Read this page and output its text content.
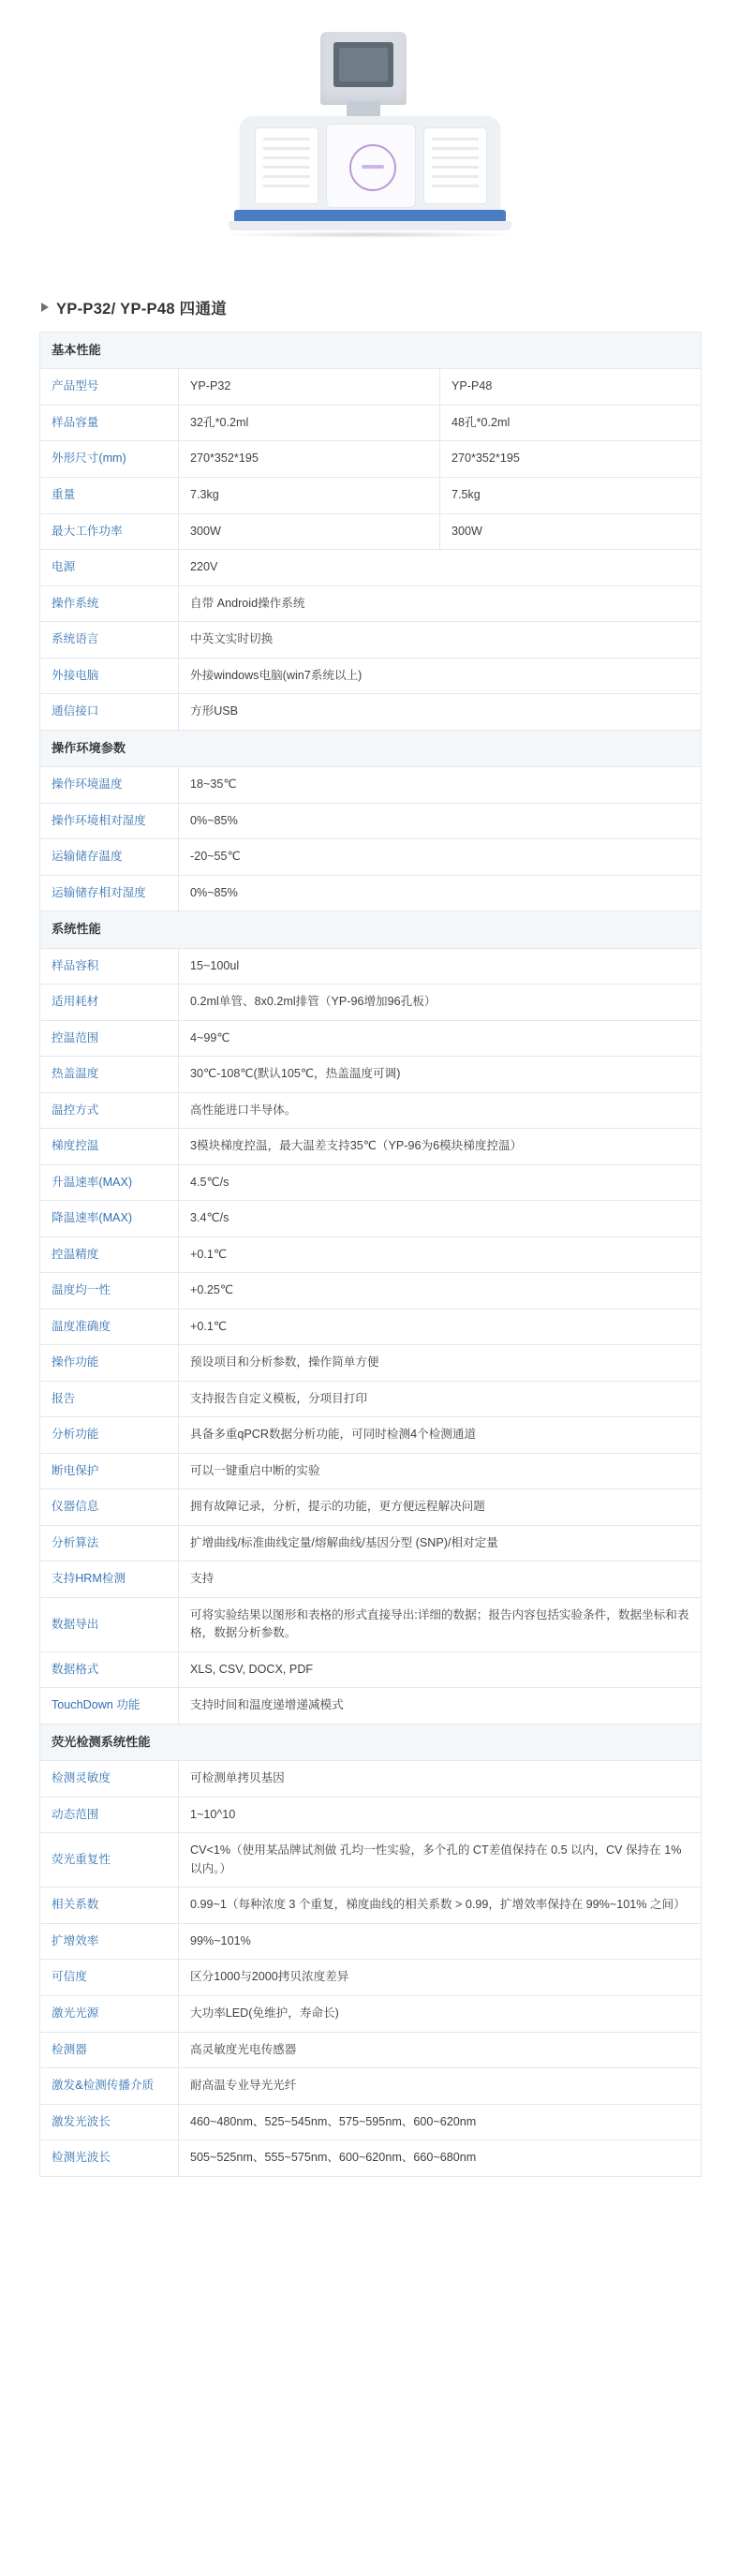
YP-P32/ YP-P48 四通道
基本性能		
产品型号	YP-P32	YP-P48
样品容量	32孔*0.2ml	48孔*0.2ml
外形尺寸(mm)	270*352*195	270*352*195
重量	7.3kg	7.5kg
最大工作功率	300W	300W
电源	220V	
操作系统	自带 Android操作系统	
系统语言	中英文实时切换	
外接电脑	外接windows电脑(win7系统以上)	
通信接口	方形USB	
操作环境参数		
操作环境温度	18~35℃	
操作环境相对湿度	0%~85%	
运输储存温度	-20~55℃	
运输储存相对湿度	0%~85%	
系统性能		
样品容积	15~100ul	
适用耗材	0.2ml单管、8x0.2ml排管（YP-96增加96孔板）	
控温范围	4~99℃	
热盖温度	30℃-108℃(默认105℃，热盖温度可调)	
温控方式	高性能进口半导体。	
梯度控温	3模块梯度控温，最大温差支持35℃（YP-96为6模块梯度控温）	
升温速率(MAX)	4.5℃/s	
降温速率(MAX)	3.4℃/s	
控温精度	+0.1℃	
温度均一性	+0.25℃	
温度准确度	+0.1℃	
操作功能	预设项目和分析参数，操作简单方便	
报告	支持报告自定义模板，分项目打印	
分析功能	具备多重qPCR数据分析功能，可同时检测4个检测通道	
断电保护	可以一键重启中断的实验	
仪器信息	拥有故障记录，分析，提示的功能，更方便远程解决问题	
分析算法	扩增曲线/标准曲线定量/熔解曲线/基因分型 (SNP)/相对定量	
支持HRM检测	支持	
数据导出	可将实验结果以图形和表格的形式直接导出:详细的数据；报告内容包括实验条件，数据坐标和表格，数据分析参数。	
数据格式	XLS, CSV, DOCX, PDF	
TouchDown 功能	支持时间和温度递增递减模式	
荧光检测系统性能		
检测灵敏度	可检测单拷贝基因	
动态范围	1~10^10	
荧光重复性	CV<1%（使用某品牌试剂做 孔均一性实验，多个孔的 CT差值保持在 0.5 以内，CV 保持在 1% 以内。）	
相关系数	0.99~1（每种浓度 3 个重复，梯度曲线的相关系数 > 0.99，扩增效率保持在 99%~101% 之间）	
扩增效率	99%~101%	
可信度	区分1000与2000拷贝浓度差异	
激光光源	大功率LED(免维护，寿命长)	
检测器	高灵敏度光电传感器	
激发&检测传播介质	耐高温专业导光光纤	
激发光波长	460~480nm、525~545nm、575~595nm、600~620nm	
检测光波长	505~525nm、555~575nm、600~620nm、660~680nm	
